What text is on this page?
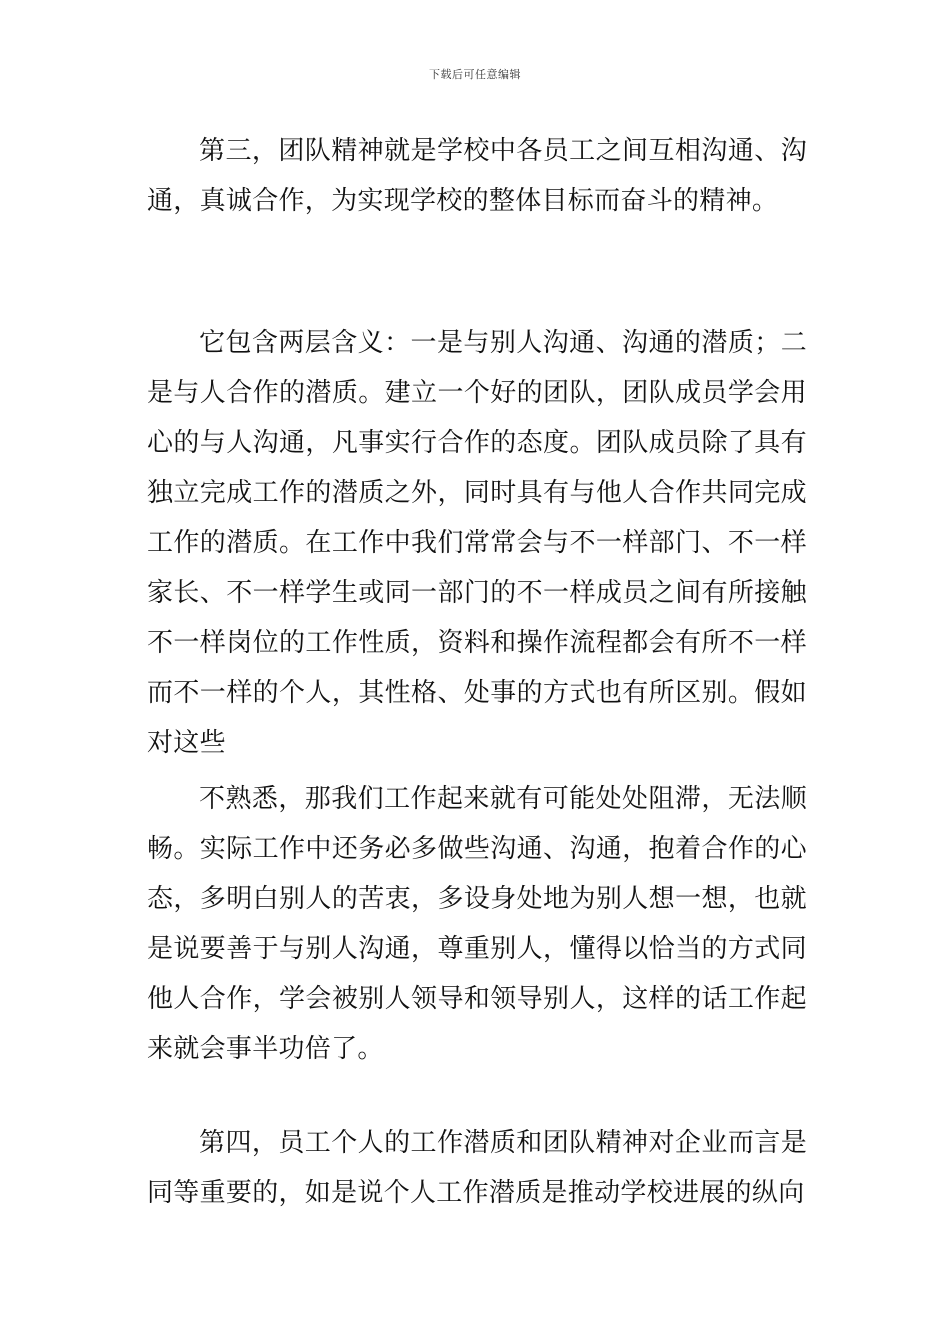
下载后可任意编辑

第三，团队精神就是学校中各员工之间互相沟通、沟通，真诚合作，为实现学校的整体目标而奋斗的精神。

它包含两层含义：一是与别人沟通、沟通的潜质；二是与人合作的潜质。建立一个好的团队，团队成员学会用心的与人沟通，凡事实行合作的态度。团队成员除了具有独立完成工作的潜质之外，同时具有与他人合作共同完成工作的潜质。在工作中我们常常会与不一样部门、不一样家长、不一样学生或同一部门的不一样成员之间有所接触不一样岗位的工作性质，资料和操作流程都会有所不一样而不一样的个人，其性格、处事的方式也有所区别。假如对这些

不熟悉，那我们工作起来就有可能处处阻滞，无法顺畅。实际工作中还务必多做些沟通、沟通，抱着合作的心态，多明白别人的苦衷，多设身处地为别人想一想，也就是说要善于与别人沟通，尊重别人，懂得以恰当的方式同他人合作，学会被别人领导和领导别人，这样的话工作起来就会事半功倍了。

第四，员工个人的工作潜质和团队精神对企业而言是同等重要的，如是说个人工作潜质是推动学校进展的纵向
